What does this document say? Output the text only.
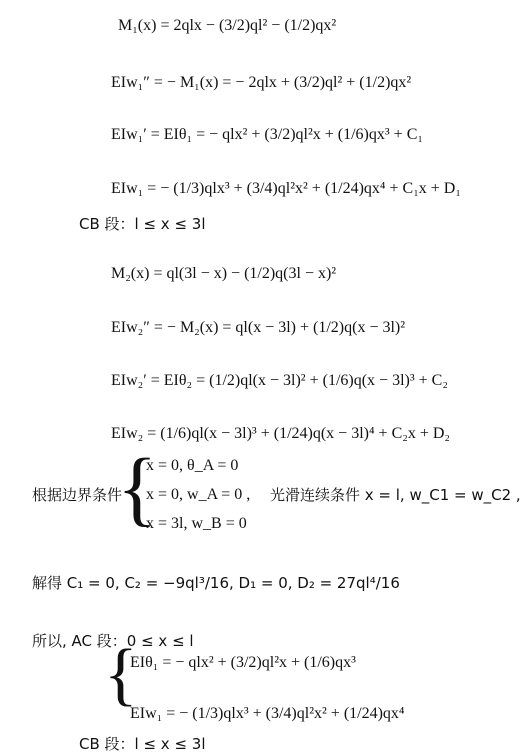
M₁(x) = 2qlx − (3/2)ql² − (1/2)qx²
EIw₁″ = − M₁(x) = − 2qlx + (3/2)ql² + (1/2)qx²
EIw₁′ = EIθ₁ = − qlx² + (3/2)ql²x + (1/6)qx³ + C₁
EIw₁ = − (1/3)qlx³ + (3/4)ql²x² + (1/24)qx⁴ + C₁x + D₁
CB 段：l ≤ x ≤ 3l
M₂(x) = ql(3l − x) − (1/2)q(3l − x)²
EIw₂″ = − M₂(x) = ql(x − 3l) + (1/2)q(x − 3l)²
EIw₂′ = EIθ₂ = (1/2)ql(x − 3l)² + (1/6)q(x − 3l)³ + C₂
EIw₂ = (1/6)ql(x − 3l)³ + (1/24)q(x − 3l)⁴ + C₂x + D₂
根据边界条件
{
x = 0, θ_A = 0
x = 0, w_A = 0 ,
x = 3l, w_B = 0
光滑连续条件 x = l, w_C1 = w_C2 ,
解得 C₁ = 0, C₂ = −9ql³/16, D₁ = 0, D₂ = 27ql⁴/16
所以, AC 段：0 ≤ x ≤ l
{
EIθ₁ = − qlx² + (3/2)ql²x + (1/6)qx³
EIw₁ = − (1/3)qlx³ + (3/4)ql²x² + (1/24)qx⁴
CB 段：l ≤ x ≤ 3l
